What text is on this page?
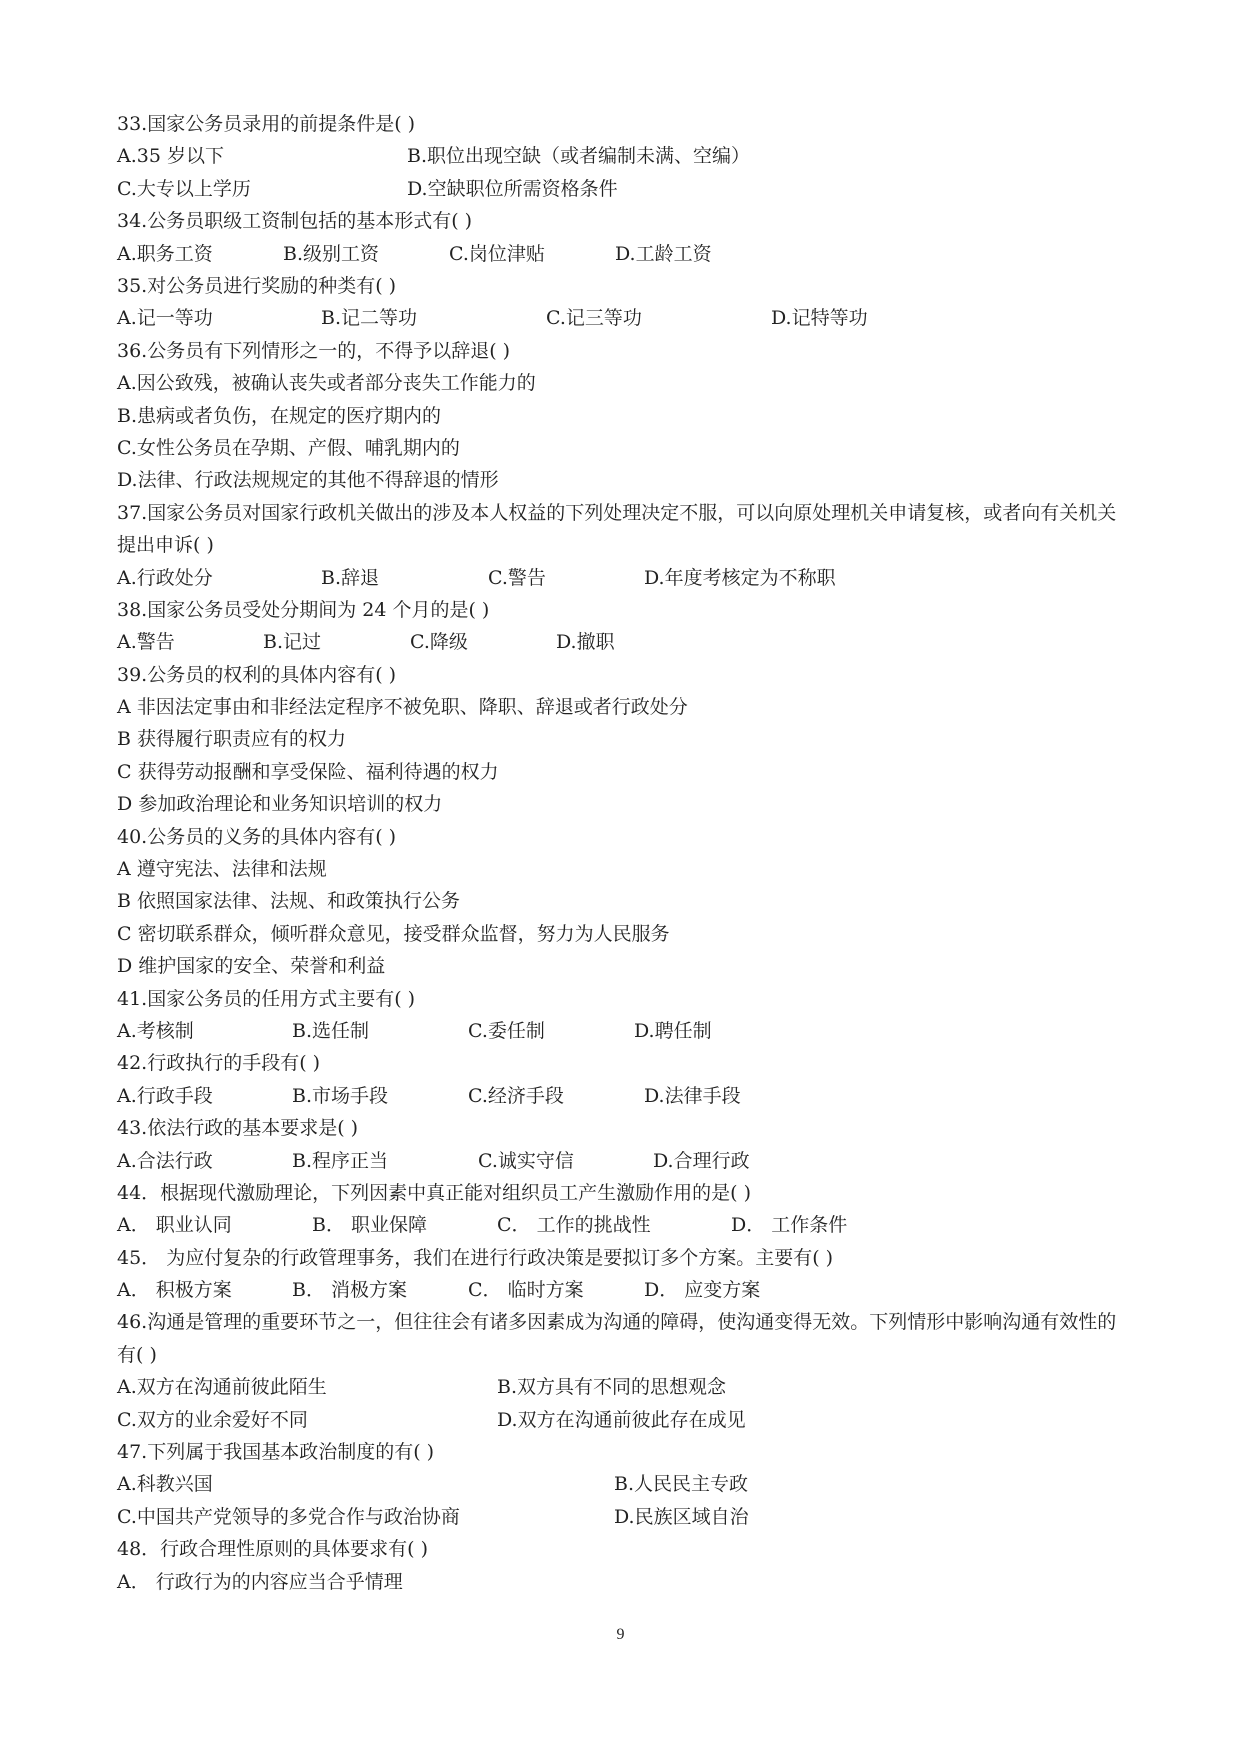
33.国家公务员录用的前提条件是( )
A.35 岁以下	B.职位出现空缺（或者编制未满、空编）
C.大专以上学历	D.空缺职位所需资格条件
34.公务员职级工资制包括的基本形式有( )
A.职务工资	B.级别工资	C.岗位津贴	D.工龄工资
35.对公务员进行奖励的种类有( )
A.记一等功	B.记二等功	C.记三等功	D.记特等功
36.公务员有下列情形之一的，不得予以辞退( )
A.因公致残，被确认丧失或者部分丧失工作能力的
B.患病或者负伤，在规定的医疗期内的
C.女性公务员在孕期、产假、哺乳期内的
D.法律、行政法规规定的其他不得辞退的情形
37.国家公务员对国家行政机关做出的涉及本人权益的下列处理决定不服，可以向原处理机关申请复核，或者向有关机关提出申诉( )
A.行政处分	B.辞退	C.警告	D.年度考核定为不称职
38.国家公务员受处分期间为 24 个月的是( )
A.警告	B.记过	C.降级	D.撤职
39.公务员的权利的具体内容有( )
A 非因法定事由和非经法定程序不被免职、降职、辞退或者行政处分
B 获得履行职责应有的权力
C 获得劳动报酬和享受保险、福利待遇的权力
D 参加政治理论和业务知识培训的权力
40.公务员的义务的具体内容有( )
A 遵守宪法、法律和法规
B 依照国家法律、法规、和政策执行公务
C 密切联系群众，倾听群众意见，接受群众监督，努力为人民服务
D 维护国家的安全、荣誉和利益
41.国家公务员的任用方式主要有( )
A.考核制	B.选任制	C.委任制	D.聘任制
42.行政执行的手段有( )
A.行政手段	B.市场手段	C.经济手段	D.法律手段
43.依法行政的基本要求是( )
A.合法行政	B.程序正当	C.诚实守信	D.合理行政
44．根据现代激励理论，下列因素中真正能对组织员工产生激励作用的是( )
A． 职业认同	B． 职业保障	C． 工作的挑战性	D． 工作条件
45． 为应付复杂的行政管理事务，我们在进行行政决策是要拟订多个方案。主要有( )
A． 积极方案	B． 消极方案	C． 临时方案	D． 应变方案
46.沟通是管理的重要环节之一，但往往会有诸多因素成为沟通的障碍，使沟通变得无效。下列情形中影响沟通有效性的有( )
A.双方在沟通前彼此陌生	B.双方具有不同的思想观念
C.双方的业余爱好不同	D.双方在沟通前彼此存在成见
47.下列属于我国基本政治制度的有( )
A.科教兴国	B.人民民主专政
C.中国共产党领导的多党合作与政治协商	D.民族区域自治
48．行政合理性原则的具体要求有( )
A． 行政行为的内容应当合乎情理
9
